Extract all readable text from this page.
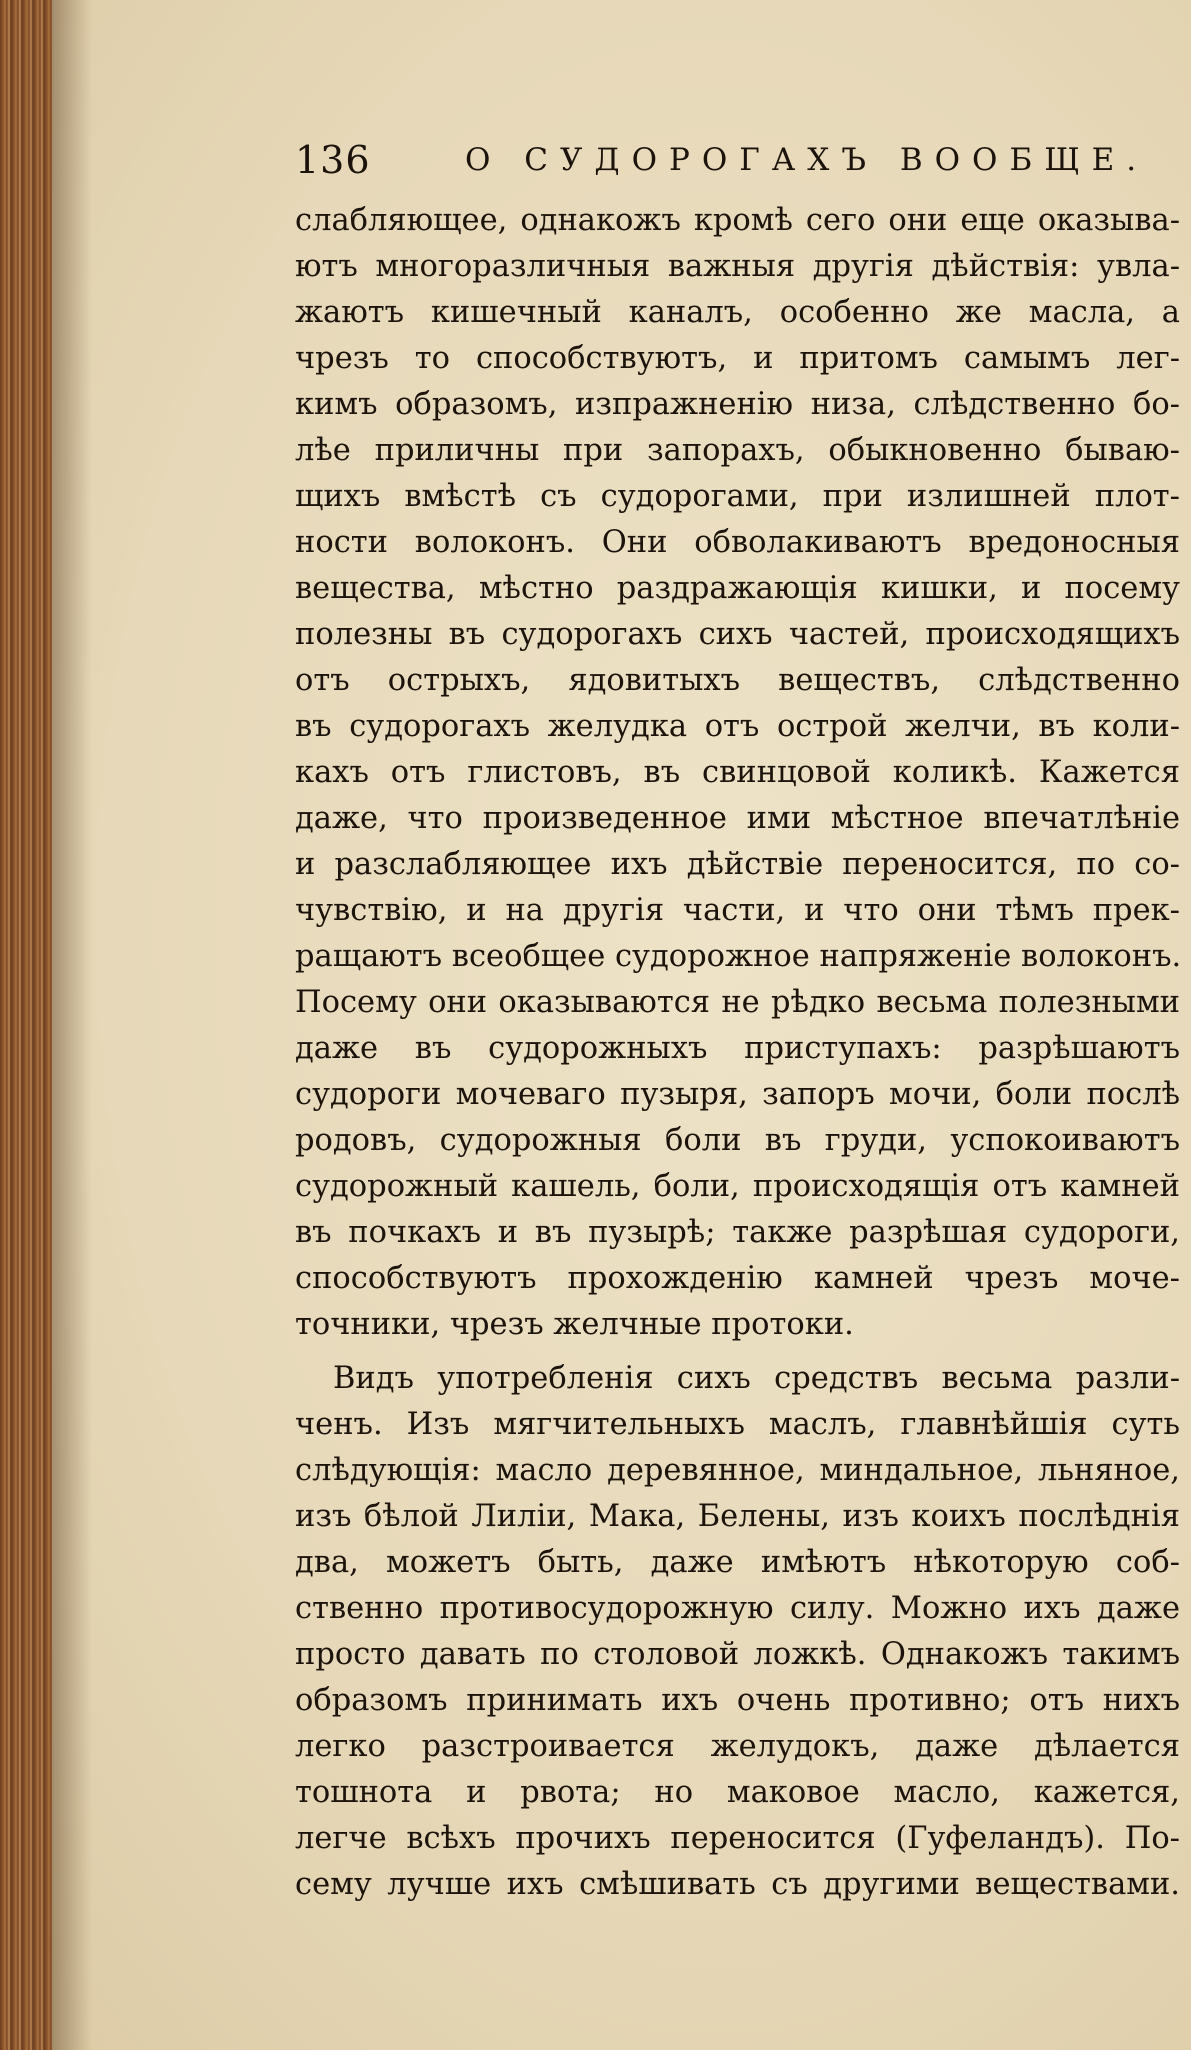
136	О СУДОРОГАХЪ ВООБЩЕ.
слабляющее, однакожъ кромѣ сего они еще оказыва-
ютъ многоразличныя важныя другія дѣйствія: увла-
жаютъ кишечный каналъ, особенно же масла, а
чрезъ то способствуютъ, и притомъ самымъ лег-
кимъ образомъ, изпражненію низа, слѣдственно бо-
лѣе приличны при запорахъ, обыкновенно бываю-
щихъ вмѣстѣ съ судорогами, при излишней плот-
ности волоконъ. Они обволакиваютъ вредоносныя
вещества, мѣстно раздражающія кишки, и посему
полезны въ судорогахъ сихъ частей, происходящихъ
отъ острыхъ, ядовитыхъ веществъ, слѣдственно
въ судорогахъ желудка отъ острой желчи, въ коли-
кахъ отъ глистовъ, въ свинцовой коликѣ. Кажется
даже, что произведенное ими мѣстное впечатлѣніе
и разслабляющее ихъ дѣйствіе переносится, по со-
чувствію, и на другія части, и что они тѣмъ прек-
ращаютъ всеобщее судорожное напряженіе волоконъ.
Посему они оказываются не рѣдко весьма полезными
даже въ судорожныхъ приступахъ: разрѣшаютъ
судороги мочеваго пузыря, запоръ мочи, боли послѣ
родовъ, судорожныя боли въ груди, успокоиваютъ
судорожный кашель, боли, происходящія отъ камней
въ почкахъ и въ пузырѣ; также разрѣшая судороги,
способствуютъ прохожденію камней чрезъ моче-
точники, чрезъ желчные протоки.
Видъ употребленія сихъ средствъ весьма разли-
ченъ. Изъ мягчительныхъ маслъ, главнѣйшія суть
слѣдующія: масло деревянное, миндальное, льняное,
изъ бѣлой Лиліи, Мака, Белены, изъ коихъ послѣднія
два, можетъ быть, даже имѣютъ нѣкоторую соб-
ственно противосудорожную силу. Можно ихъ даже
просто давать по столовой ложкѣ. Однакожъ такимъ
образомъ принимать ихъ очень противно; отъ нихъ
легко разстроивается желудокъ, даже дѣлается
тошнота и рвота; но маковое масло, кажется,
легче всѣхъ прочихъ переносится (Гуфеландъ). По-
сему лучше ихъ смѣшивать съ другими веществами.
